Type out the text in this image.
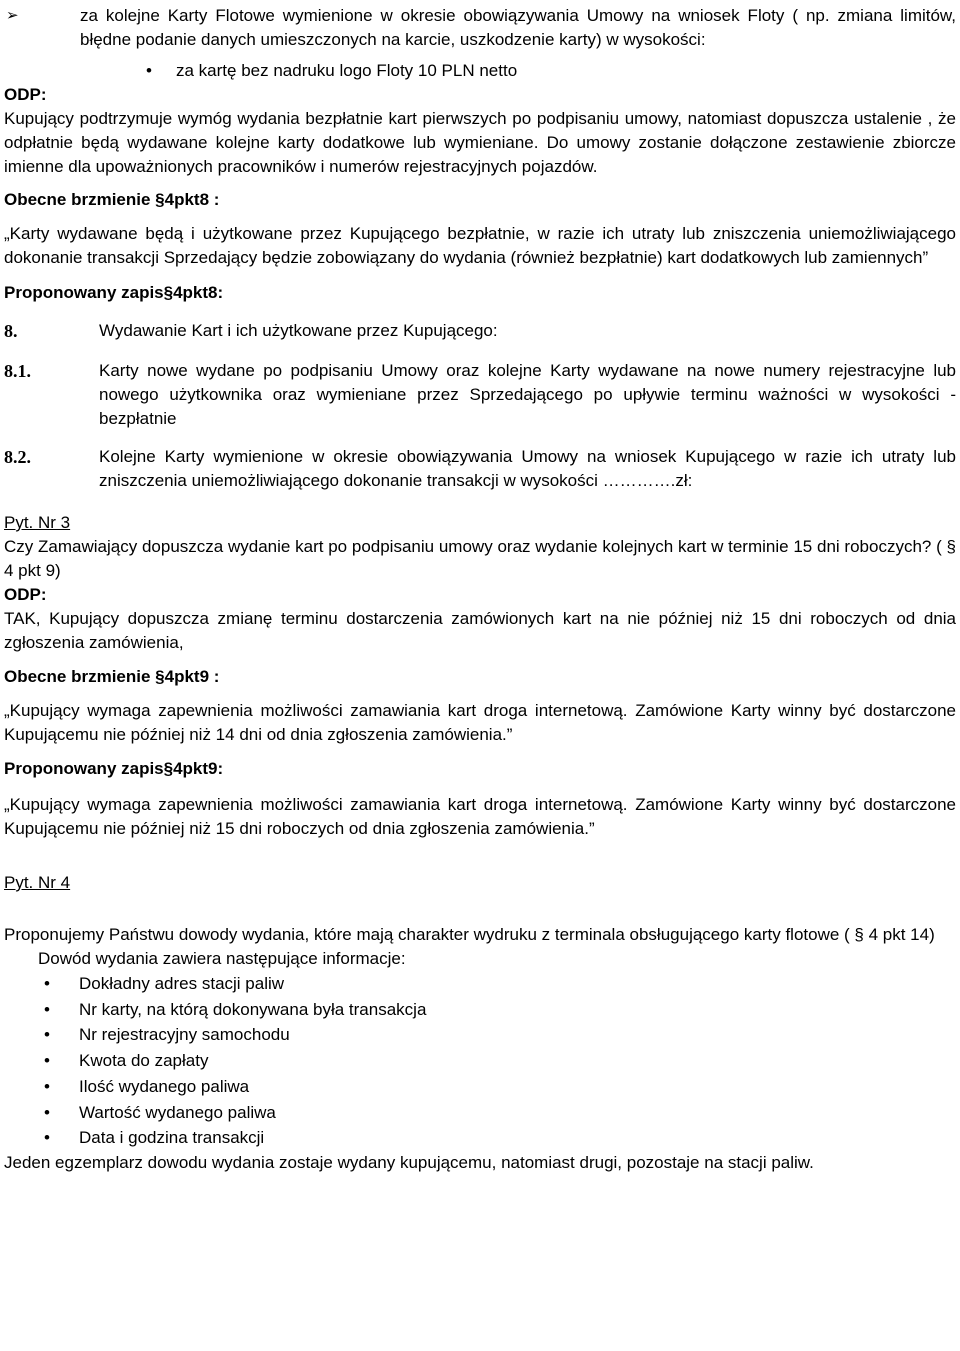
➢	za kolejne Karty Flotowe wymienione w okresie obowiązywania Umowy na wniosek Floty ( np. zmiana limitów, błędne podanie danych umieszczonych na karcie, uszkodzenie karty) w wysokości:
• za kartę bez nadruku logo Floty 10 PLN netto

ODP:

Kupujący podtrzymuje wymóg wydania bezpłatnie kart pierwszych po podpisaniu umowy, natomiast dopuszcza ustalenie , że odpłatnie będą wydawane kolejne karty dodatkowe lub wymieniane. Do umowy zostanie dołączone zestawienie zbiorcze imienne dla upoważnionych pracowników i numerów rejestracyjnych pojazdów.

Obecne brzmienie §4pkt8 :

„Karty wydawane będą i użytkowane przez Kupującego bezpłatnie, w razie ich utraty lub zniszczenia uniemożliwiającego dokonanie transakcji Sprzedający będzie zobowiązany do wydania (również bezpłatnie) kart dodatkowych lub zamiennych”

Proponowany zapis§4pkt8:

8.	Wydawanie Kart i ich użytkowane przez Kupującego:
8.1.	Karty nowe wydane po podpisaniu Umowy oraz kolejne Karty wydawane na nowe numery rejestracyjne lub nowego użytkownika oraz wymieniane przez Sprzedającego po upływie terminu ważności w wysokości - bezpłatnie
8.2.	Kolejne Karty wymienione w okresie obowiązywania Umowy na wniosek Kupującego w razie ich utraty lub zniszczenia uniemożliwiającego dokonanie transakcji w wysokości ………….zł:

Pyt. Nr 3

Czy Zamawiający dopuszcza wydanie kart po podpisaniu umowy oraz wydanie kolejnych kart w terminie 15 dni roboczych? ( § 4 pkt 9)

ODP:

TAK, Kupujący dopuszcza zmianę terminu dostarczenia zamówionych kart na nie później niż 15 dni roboczych od dnia zgłoszenia zamówienia,

Obecne brzmienie §4pkt9 :

„Kupujący wymaga zapewnienia możliwości zamawiania kart droga internetową. Zamówione Karty winny być dostarczone Kupującemu nie później niż 14 dni od dnia zgłoszenia zamówienia.”

Proponowany zapis§4pkt9:

„Kupujący wymaga zapewnienia możliwości zamawiania kart droga internetową. Zamówione Karty winny być dostarczone Kupującemu nie później niż 15 dni roboczych od dnia zgłoszenia zamówienia.”

Pyt. Nr 4

Proponujemy Państwu dowody wydania, które mają charakter wydruku z terminala obsługującego karty flotowe ( § 4 pkt 14)

Dowód wydania zawiera następujące informacje:

• Dokładny adres stacji paliw
• Nr karty, na którą dokonywana była transakcja
• Nr rejestracyjny samochodu
• Kwota do zapłaty
• Ilość wydanego paliwa
• Wartość wydanego paliwa
• Data i godzina transakcji

Jeden egzemplarz dowodu wydania zostaje wydany kupującemu, natomiast drugi, pozostaje na stacji paliw.
